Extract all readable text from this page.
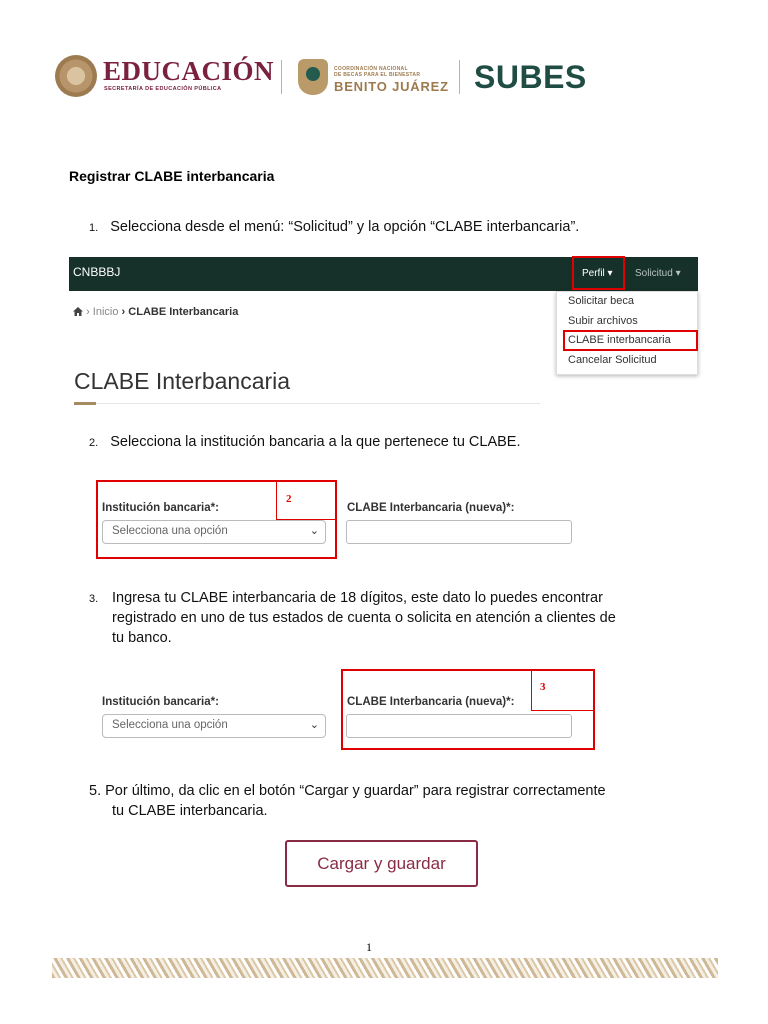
EDUCACIÓN
SECRETARÍA DE EDUCACIÓN PÚBLICA
COORDINACIÓN NACIONAL
DE BECAS PARA EL BIENESTAR
BENITO JUÁREZ SUBES
Registrar CLABE interbancaria
1. Selecciona desde el menú: “Solicitud” y la opción “CLABE interbancaria”.
CNBBBJ	Perfil ▾ Solicitud ▾
Solicitar beca
Subir archivos
CLABE interbancaria
Cancelar Solicitud
› Inicio › CLABE Interbancaria
CLABE Interbancaria
2. Selecciona la institución bancaria a la que pertenece tu CLABE.
2
Institución bancaria*:
Selecciona una opción	⌄
CLABE Interbancaria (nueva)*:
3. Ingresa tu CLABE interbancaria de 18 dígitos, este dato lo puedes encontrar
registrado en uno de tus estados de cuenta o solicita en atención a clientes de
tu banco.
3
Institución bancaria*:
Selecciona una opción	⌄
CLABE Interbancaria (nueva)*:
5. Por último, da clic en el botón “Cargar y guardar” para registrar correctamente
tu CLABE interbancaria.
Cargar y guardar
1
